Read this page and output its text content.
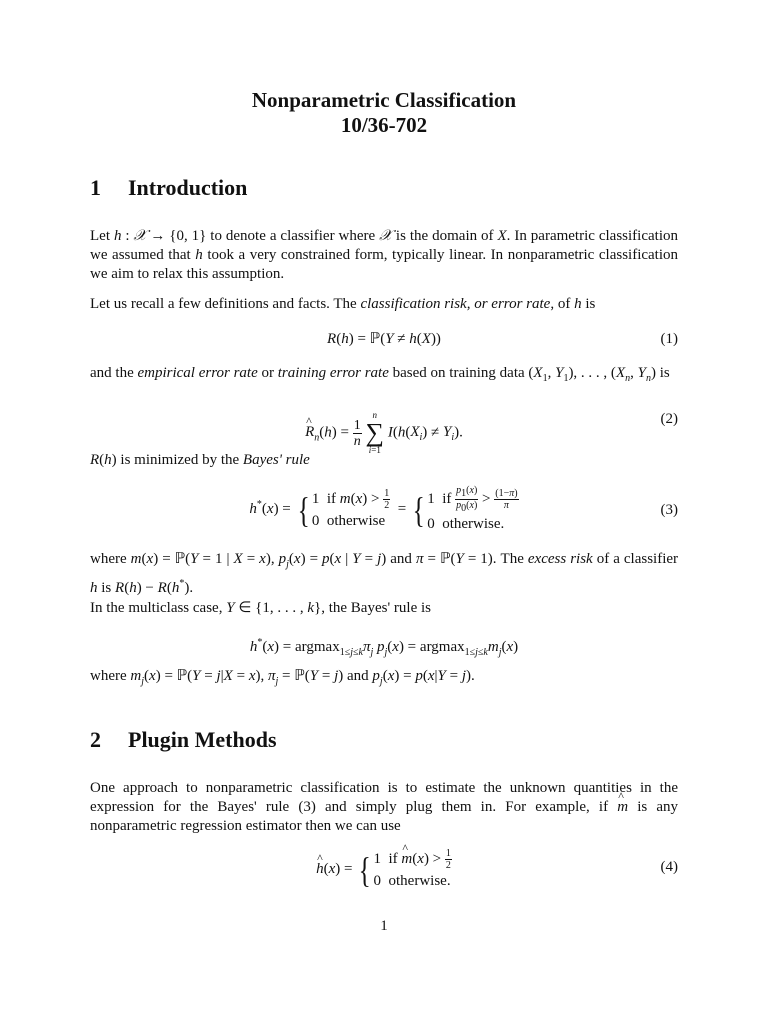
Nonparametric Classification
10/36-702
1 Introduction
Let h : 𝒳 → {0, 1} to denote a classifier where 𝒳 is the domain of X. In parametric classification we assumed that h took a very constrained form, typically linear. In nonparametric classification we aim to relax this assumption.
Let us recall a few definitions and facts. The classification risk, or error rate, of h is
R(h) = ℙ(Y ≠ h(X))	(1)
and the empirical error rate or training error rate based on training data ($X_1$, $Y_1$), . . . , ($X_n$, $Y_n$) is
^ $R_n(h) = \frac{1}{n}$

n
∑
i=1
$I(h(X_i) \ne Y_i)$.
(2)
R(h) is minimized by the Bayes' rule
h*(x) = { 1  if $m(x) > \frac{1}{2}$

0  otherwise  = { 1  if $\frac{p_1(x)}{p_0(x)} > \frac{(1-\pi)}{\pi}$

0  otherwise.
(3)
where m(x) = ℙ(Y = 1 | X = x), $p_j(x) = p(x$ | Y = j) and π = ℙ(Y = 1). The excess risk of a classifier h is R(h) − R(h*).
In the multiclass case, Y ∈ {1, . . . , k}, the Bayes' rule is
$h^*(x) = argmax_{1\le j\le k}\pi_j$ $p_j(x) = argmax_{1\le j\le k}m_j(x)$
where $m_j(x)$ = ℙ(Y = j|X = x), $\pi_j$ = ℙ(Y = j) and $p_j(x) = p(x|Y = j)$.
2 Plugin Methods
One approach to nonparametric classification is to estimate the unknown quantities in the expression for the Bayes' rule (3) and simply plug them in. For example, if ^ m is any nonparametric regression estimator then we can use
^ h(x) = { 1  if ^ $m(x) > \frac{1}{2}$

0  otherwise.
(4)
1
